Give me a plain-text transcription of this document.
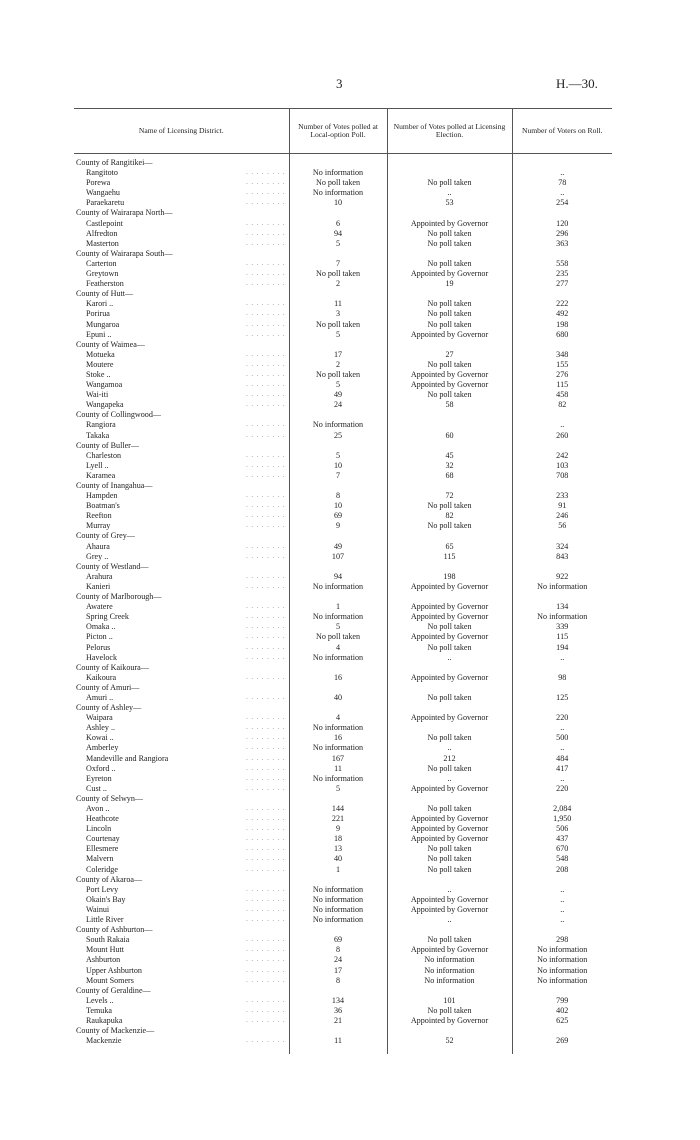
3	H.—30.
Name of Licensing District.	Number of Votes polled at Local-option Poll.	Number of Votes polled at Licensing Election.	Number of Voters on Roll.

County of Rangitikei—			
Rangitoto . . . . . . . .	No information		..
Porewa . . . . . . . .	No poll taken	No poll taken	78
Wangaehu . . . . . . . .	No information	..	..
Paraekaretu . . . . . . . .	10	53	254
County of Wairarapa North—			
Castlepoint . . . . . . . .	6	Appointed by Governor	120
Alfredton . . . . . . . .	94	No poll taken	296
Masterton . . . . . . . .	5	No poll taken	363
County of Wairarapa South—			
Carterton . . . . . . . .	7	No poll taken	558
Greytown . . . . . . . .	No poll taken	Appointed by Governor	235
Featherston . . . . . . . .	2	19	277
County of Hutt—			
Karori .. . . . . . . . .	11	No poll taken	222
Porirua . . . . . . . .	3	No poll taken	492
Mungaroa . . . . . . . .	No poll taken	No poll taken	198
Epuni .. . . . . . . . .	5	Appointed by Governor	680
County of Waimea—			
Motueka . . . . . . . .	17	27	348
Moutere . . . . . . . .	2	No poll taken	155
Stoke .. . . . . . . . .	No poll taken	Appointed by Governor	276
Wangamoa . . . . . . . .	5	Appointed by Governor	115
Wai-iti . . . . . . . .	49	No poll taken	458
Wangapeka . . . . . . . .	24	58	82
County of Collingwood—			
Rangiora . . . . . . . .	No information		..
Takaka . . . . . . . .	25	60	260
County of Buller—			
Charleston . . . . . . . .	5	45	242
Lyell .. . . . . . . . .	10	32	103
Karamea . . . . . . . .	7	68	708
County of Inangahua—			
Hampden . . . . . . . .	8	72	233
Boatman's . . . . . . . .	10	No poll taken	91
Reefton . . . . . . . .	69	82	246
Murray . . . . . . . .	9	No poll taken	56
County of Grey—			
Ahaura . . . . . . . .	49	65	324
Grey .. . . . . . . . .	107	115	843
County of Westland—			
Arahura . . . . . . . .	94	198	922
Kanieri . . . . . . . .	No information	Appointed by Governor	No information
County of Marlborough—			
Awatere . . . . . . . .	1	Appointed by Governor	134
Spring Creek . . . . . . . .	No information	Appointed by Governor	No information
Omaka .. . . . . . . . .	5	No poll taken	339
Picton .. . . . . . . . .	No poll taken	Appointed by Governor	115
Pelorus . . . . . . . .	4	No poll taken	194
Havelock . . . . . . . .	No information	..	..
County of Kaikoura—			
Kaikoura . . . . . . . .	16	Appointed by Governor	98
County of Amuri—			
Amuri .. . . . . . . . .	40	No poll taken	125
County of Ashley—			
Waipara . . . . . . . .	4	Appointed by Governor	220
Ashley .. . . . . . . . .	No information		..
Kowai .. . . . . . . . .	16	No poll taken	500
Amberley . . . . . . . .	No information	..	..
Mandeville and Rangiora . . . . . . . .	167	212	484
Oxford .. . . . . . . . .	11	No poll taken	417
Eyreton . . . . . . . .	No information	..	..
Cust .. . . . . . . . .	5	Appointed by Governor	220
County of Selwyn—			
Avon .. . . . . . . . .	144	No poll taken	2,084
Heathcote . . . . . . . .	221	Appointed by Governor	1,950
Lincoln . . . . . . . .	9	Appointed by Governor	506
Courtenay . . . . . . . .	18	Appointed by Governor	437
Ellesmere . . . . . . . .	13	No poll taken	670
Malvern . . . . . . . .	40	No poll taken	548
Coleridge . . . . . . . .	1	No poll taken	208
County of Akaroa—			
Port Levy . . . . . . . .	No information	..	..
Okain's Bay . . . . . . . .	No information	Appointed by Governor	..
Wainui . . . . . . . .	No information	Appointed by Governor	..
Little River . . . . . . . .	No information	..	..
County of Ashburton—			
South Rakaia . . . . . . . .	69	No poll taken	298
Mount Hutt . . . . . . . .	8	Appointed by Governor	No information
Ashburton . . . . . . . .	24	No information	No information
Upper Ashburton . . . . . . . .	17	No information	No information
Mount Somers . . . . . . . .	8	No information	No information
County of Geraldine—			
Levels .. . . . . . . . .	134	101	799
Temuka . . . . . . . .	36	No poll taken	402
Raukapuka . . . . . . . .	21	Appointed by Governor	625
County of Mackenzie—			
Mackenzie . . . . . . . .	11	52	269
